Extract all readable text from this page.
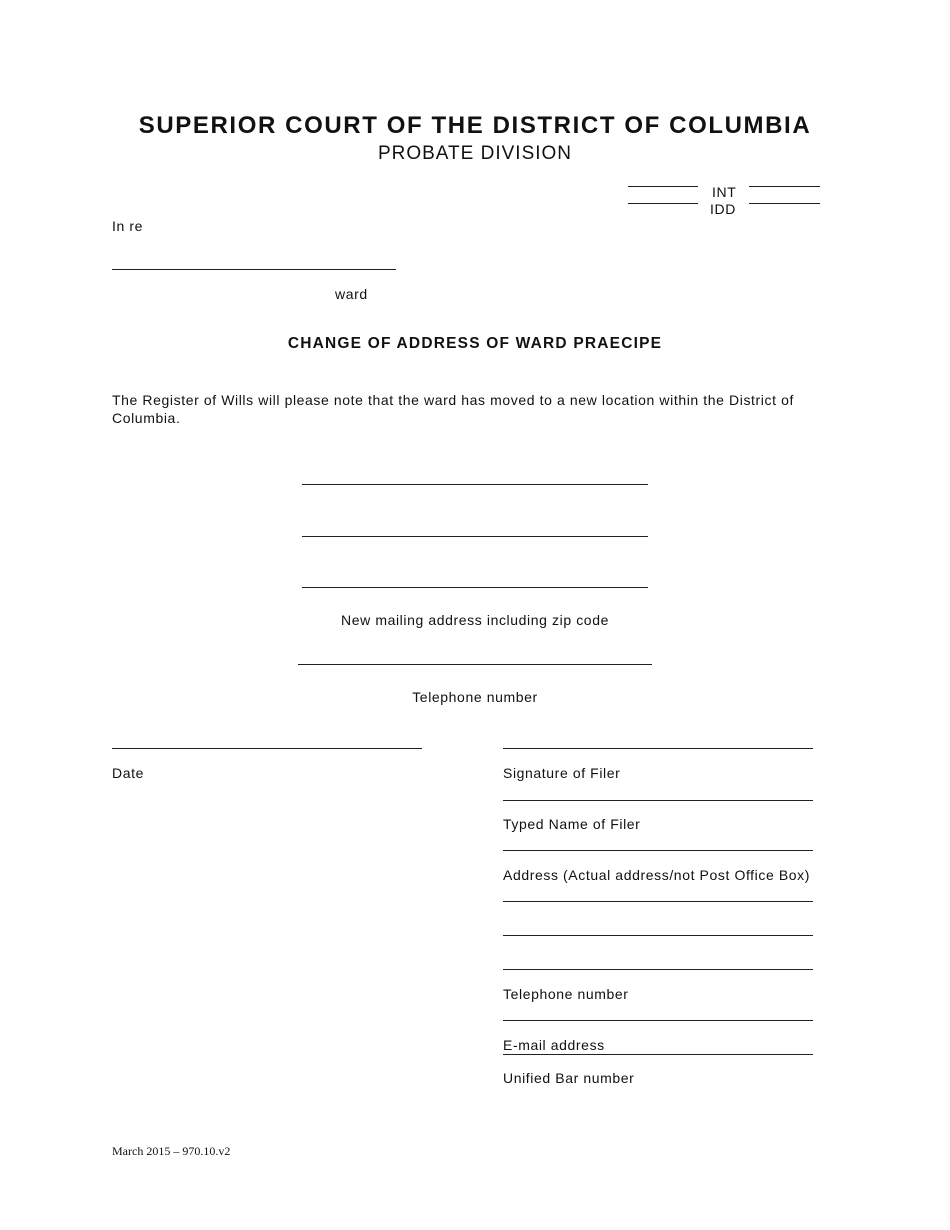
SUPERIOR COURT OF THE DISTRICT OF COLUMBIA
PROBATE DIVISION
INT
IDD
In re
ward
CHANGE OF ADDRESS OF WARD PRAECIPE
The Register of Wills will please note that the ward has moved to a new location within the District of Columbia.
New mailing address including zip code
Telephone number
Date	Signature of Filer
Typed Name of Filer
Address (Actual address/not Post Office Box)
Telephone number
E-mail address
Unified Bar number
March 2015 – 970.10.v2
